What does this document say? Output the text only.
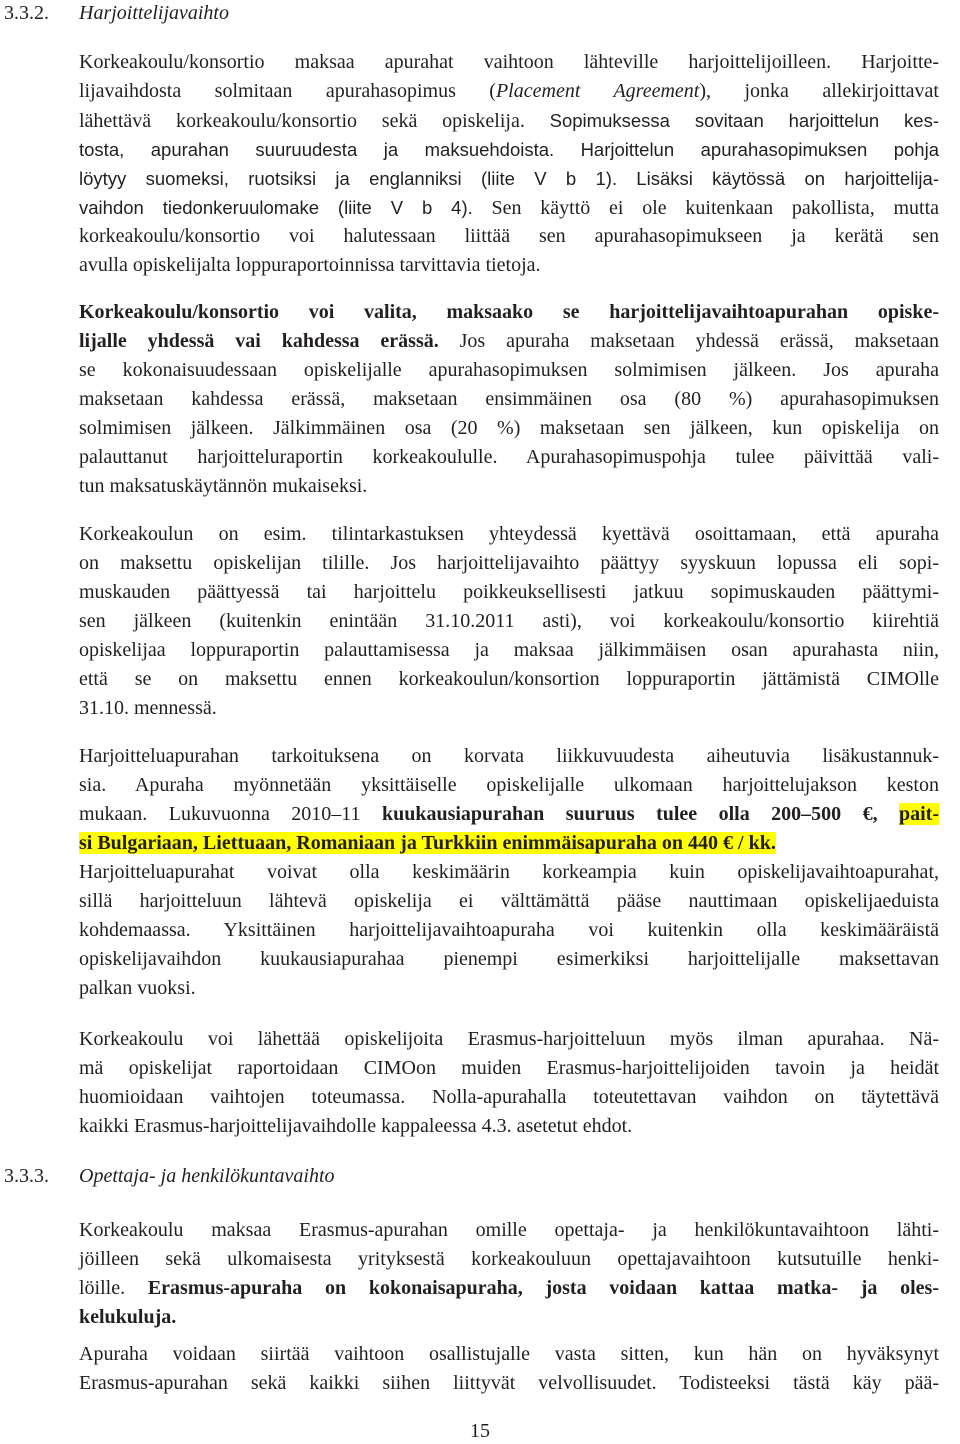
3.3.2. Harjoittelijavaihto
Korkeakoulu/konsortio maksaa apurahat vaihtoon lähteville harjoittelijoilleen. Harjoitte-
lijavaihdosta solmitaan apurahasopimus (Placement Agreement), jonka allekirjoittavat
lähettävä korkeakoulu/konsortio sekä opiskelija. Sopimuksessa sovitaan harjoittelun kes-
tosta, apurahan suuruudesta ja maksuehdoista. Harjoittelun apurahasopimuksen pohja
löytyy suomeksi, ruotsiksi ja englanniksi (liite V b 1). Lisäksi käytössä on harjoittelija-
vaihdon tiedonkeruulomake (liite V b 4). Sen käyttö ei ole kuitenkaan pakollista, mutta
korkeakoulu/konsortio voi halutessaan liittää sen apurahasopimukseen ja kerätä sen
avulla opiskelijalta loppuraportoinnissa tarvittavia tietoja.
Korkeakoulu/konsortio voi valita, maksaako se harjoittelijavaihtoapurahan opiske-
lijalle yhdessä vai kahdessa erässä. Jos apuraha maksetaan yhdessä erässä, maksetaan
se kokonaisuudessaan opiskelijalle apurahasopimuksen solmimisen jälkeen. Jos apuraha
maksetaan kahdessa erässä, maksetaan ensimmäinen osa (80 %) apurahasopimuksen
solmimisen jälkeen. Jälkimmäinen osa (20 %) maksetaan sen jälkeen, kun opiskelija on
palauttanut harjoitteluraportin korkeakoululle. Apurahasopimuspohja tulee päivittää vali-
tun maksatuskäytännön mukaiseksi.
Korkeakoulun on esim. tilintarkastuksen yhteydessä kyettävä osoittamaan, että apuraha
on maksettu opiskelijan tilille. Jos harjoittelijavaihto päättyy syyskuun lopussa eli sopi-
muskauden päättyessä tai harjoittelu poikkeuksellisesti jatkuu sopimuskauden päättymi-
sen jälkeen (kuitenkin enintään 31.10.2011 asti), voi korkeakoulu/konsortio kiirehtiä
opiskelijaa loppuraportin palauttamisessa ja maksaa jälkimmäisen osan apurahasta niin,
että se on maksettu ennen korkeakoulun/konsortion loppuraportin jättämistä CIMOlle
31.10. mennessä.
Harjoitteluapurahan tarkoituksena on korvata liikkuvuudesta aiheutuvia lisäkustannuk-
sia. Apuraha myönnetään yksittäiselle opiskelijalle ulkomaan harjoittelujakson keston
mukaan. Lukuvuonna 2010–11 kuukausiapurahan suuruus tulee olla 200–500 €, pait-
si Bulgariaan, Liettuaan, Romaniaan ja Turkkiin enimmäisapuraha on 440 € / kk.
Harjoitteluapurahat voivat olla keskimäärin korkeampia kuin opiskelijavaihtoapurahat,
sillä harjoitteluun lähtevä opiskelija ei välttämättä pääse nauttimaan opiskelijaeduista
kohdemaassa. Yksittäinen harjoittelijavaihtoapuraha voi kuitenkin olla keskimääräistä
opiskelijavaihdon kuukausiapurahaa pienempi esimerkiksi harjoittelijalle maksettavan
palkan vuoksi.
Korkeakoulu voi lähettää opiskelijoita Erasmus-harjoitteluun myös ilman apurahaa. Nä-
mä opiskelijat raportoidaan CIMOon muiden Erasmus-harjoittelijoiden tavoin ja heidät
huomioidaan vaihtojen toteumassa. Nolla-apurahalla toteutettavan vaihdon on täytettävä
kaikki Erasmus-harjoittelijavaihdolle kappaleessa 4.3. asetetut ehdot.
3.3.3. Opettaja- ja henkilökuntavaihto
Korkeakoulu maksaa Erasmus-apurahan omille opettaja- ja henkilökuntavaihtoon lähti-
jöilleen sekä ulkomaisesta yrityksestä korkeakouluun opettajavaihtoon kutsutuille henki-
löille. Erasmus-apuraha on kokonaisapuraha, josta voidaan kattaa matka- ja oles-
kelukuluja.
Apuraha voidaan siirtää vaihtoon osallistujalle vasta sitten, kun hän on hyväksynyt
Erasmus-apurahan sekä kaikki siihen liittyvät velvollisuudet. Todisteeksi tästä käy pää-
15
